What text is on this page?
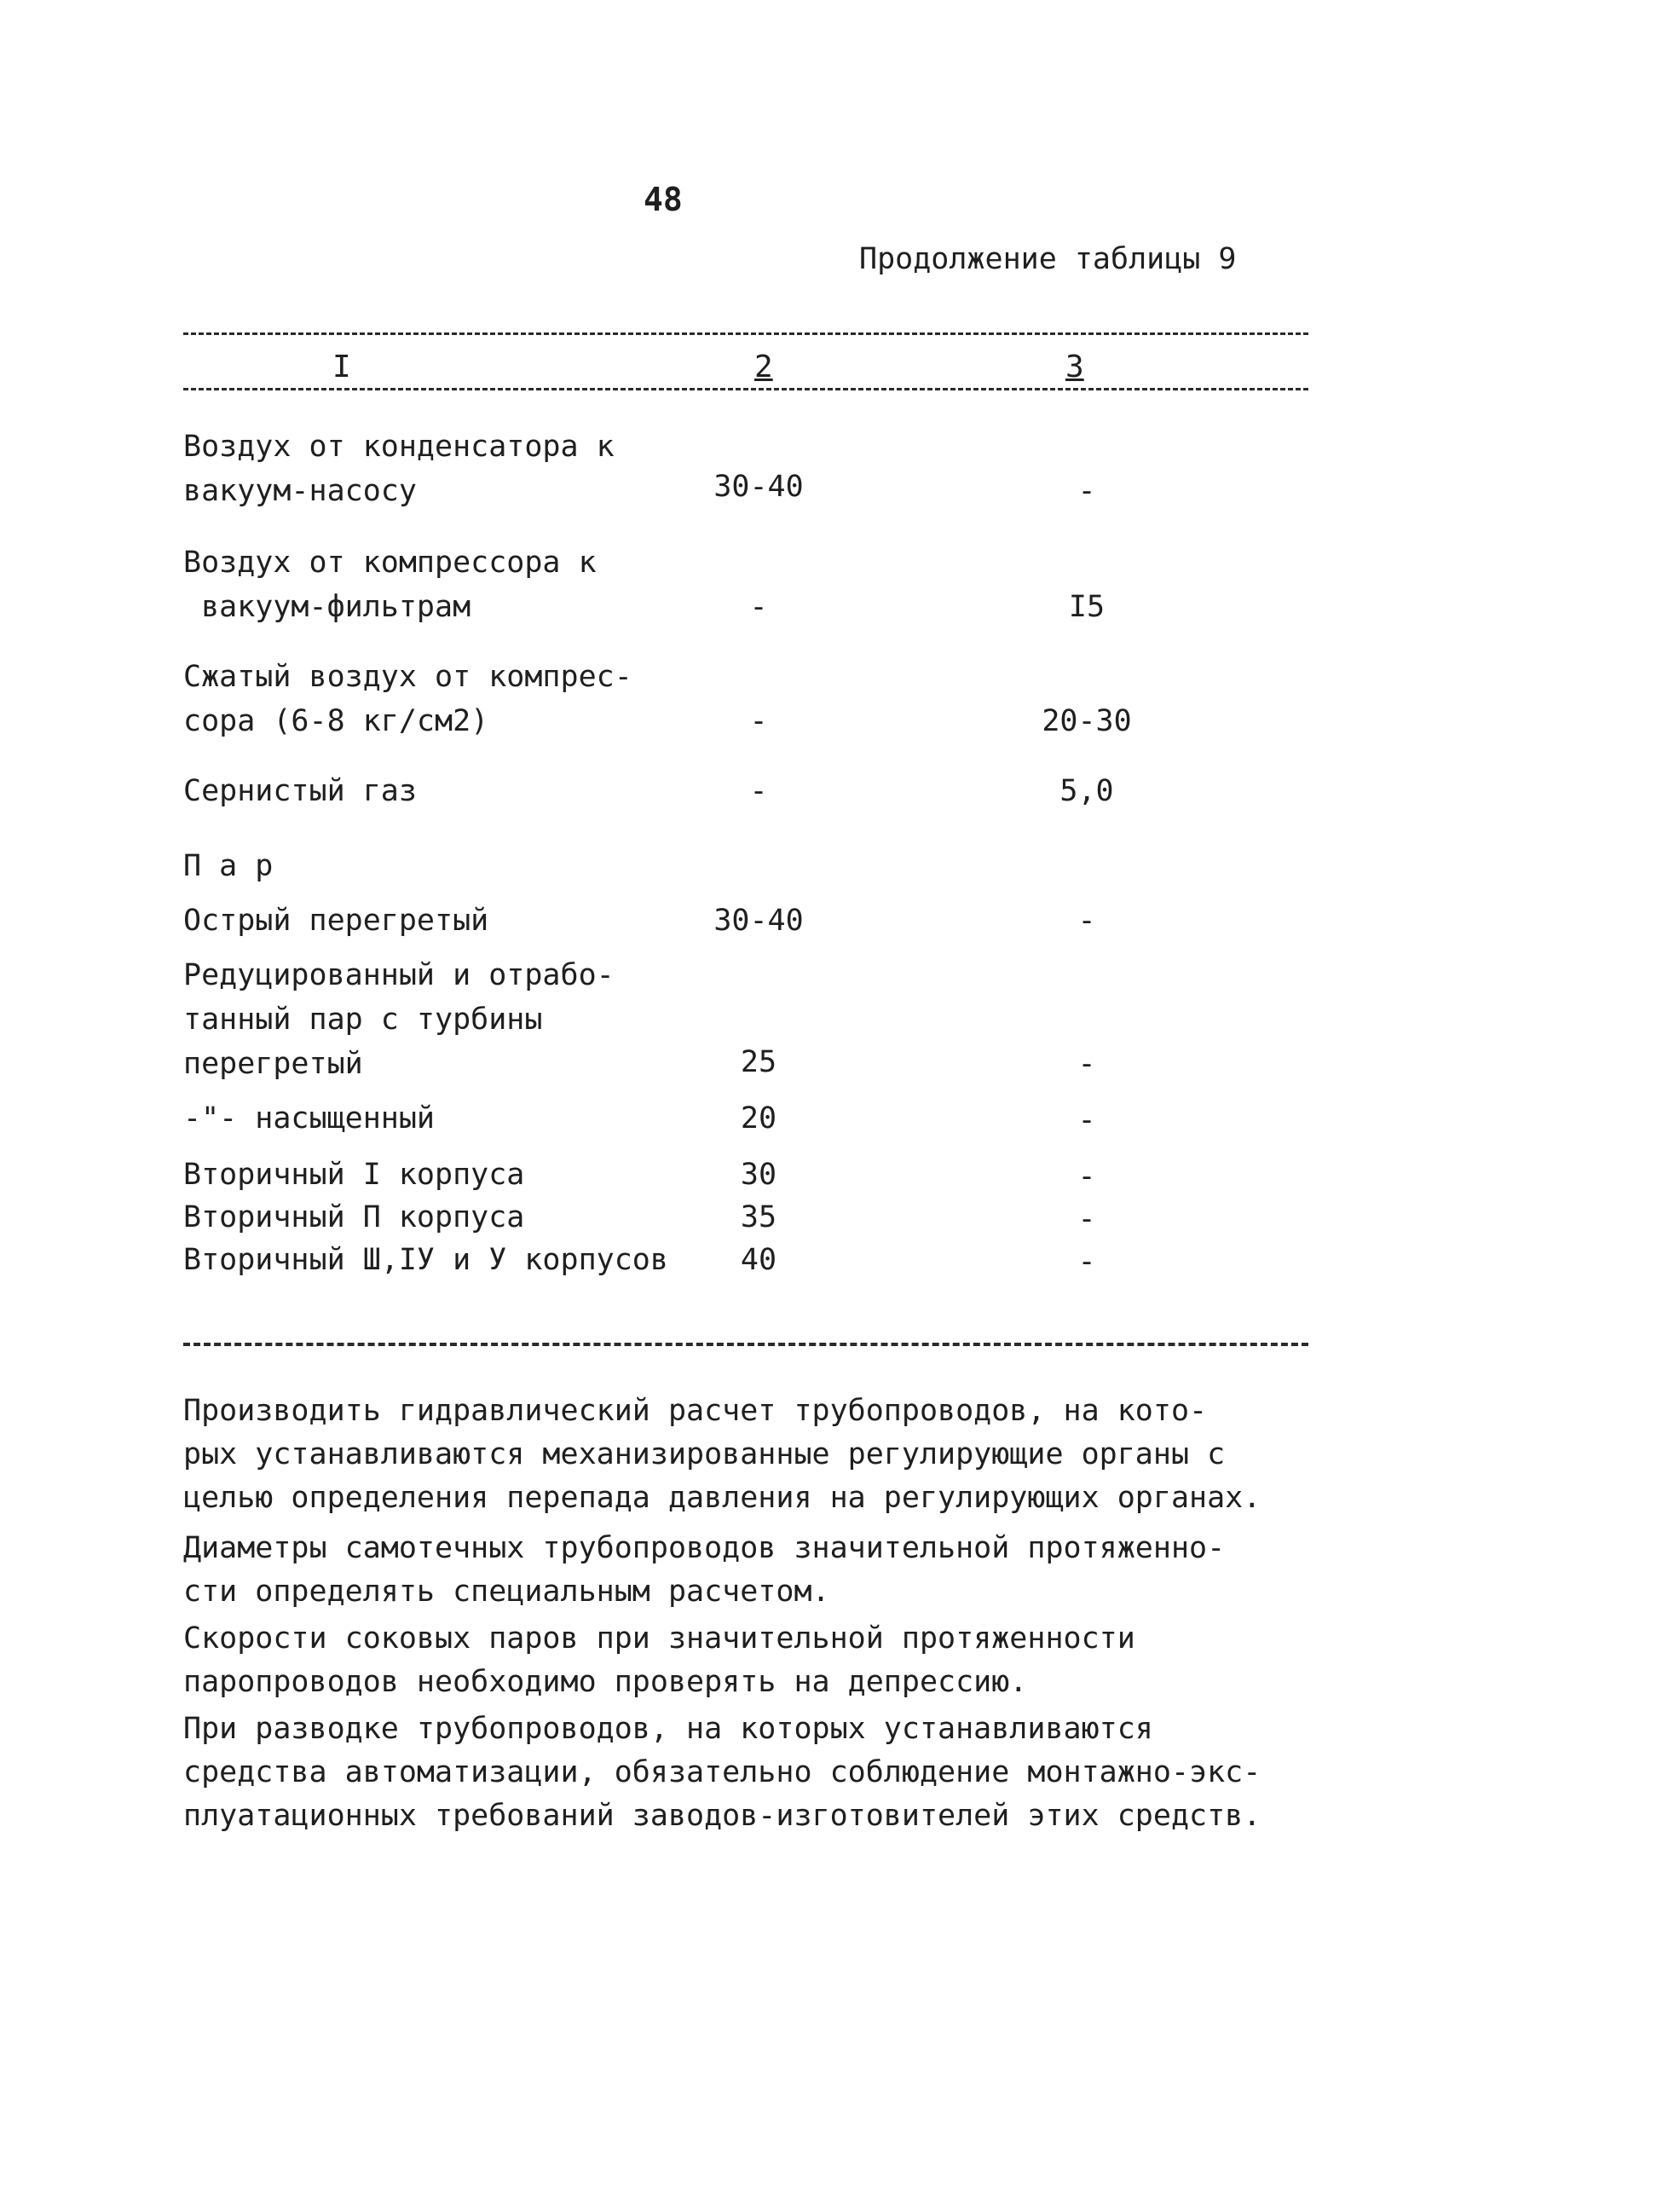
48
Продолжение таблицы 9
I	2	3
Воздух от конденсатора к
вакуум-насосу	30-40	-
Воздух от компрессора к
вакуум-фильтрам	-	I5
Сжатый воздух от компрес-
сора (6-8 кг/см2)	-	20-30
Сернистый газ	-	5,0
П а р
Острый перегретый	30-40	-
Редуцированный и отрабо-
танный пар с турбины
перегретый	25	-
-"- насыщенный	20	-
Вторичный I корпуса	30	-
Вторичный П корпуса	35	-
Вторичный Ш,IУ и У корпусов	40	-
Производить гидравлический расчет трубопроводов, на кото-
рых устанавливаются механизированные регулирующие органы с
целью определения перепада давления на регулирующих органах.
Диаметры самотечных трубопроводов значительной протяженно-
сти определять специальным расчетом.
Скорости соковых паров при значительной протяженности
паропроводов необходимо проверять на депрессию.
При разводке трубопроводов, на которых устанавливаются
средства автоматизации, обязательно соблюдение монтажно-экс-
плуатационных требований заводов-изготовителей этих средств.
